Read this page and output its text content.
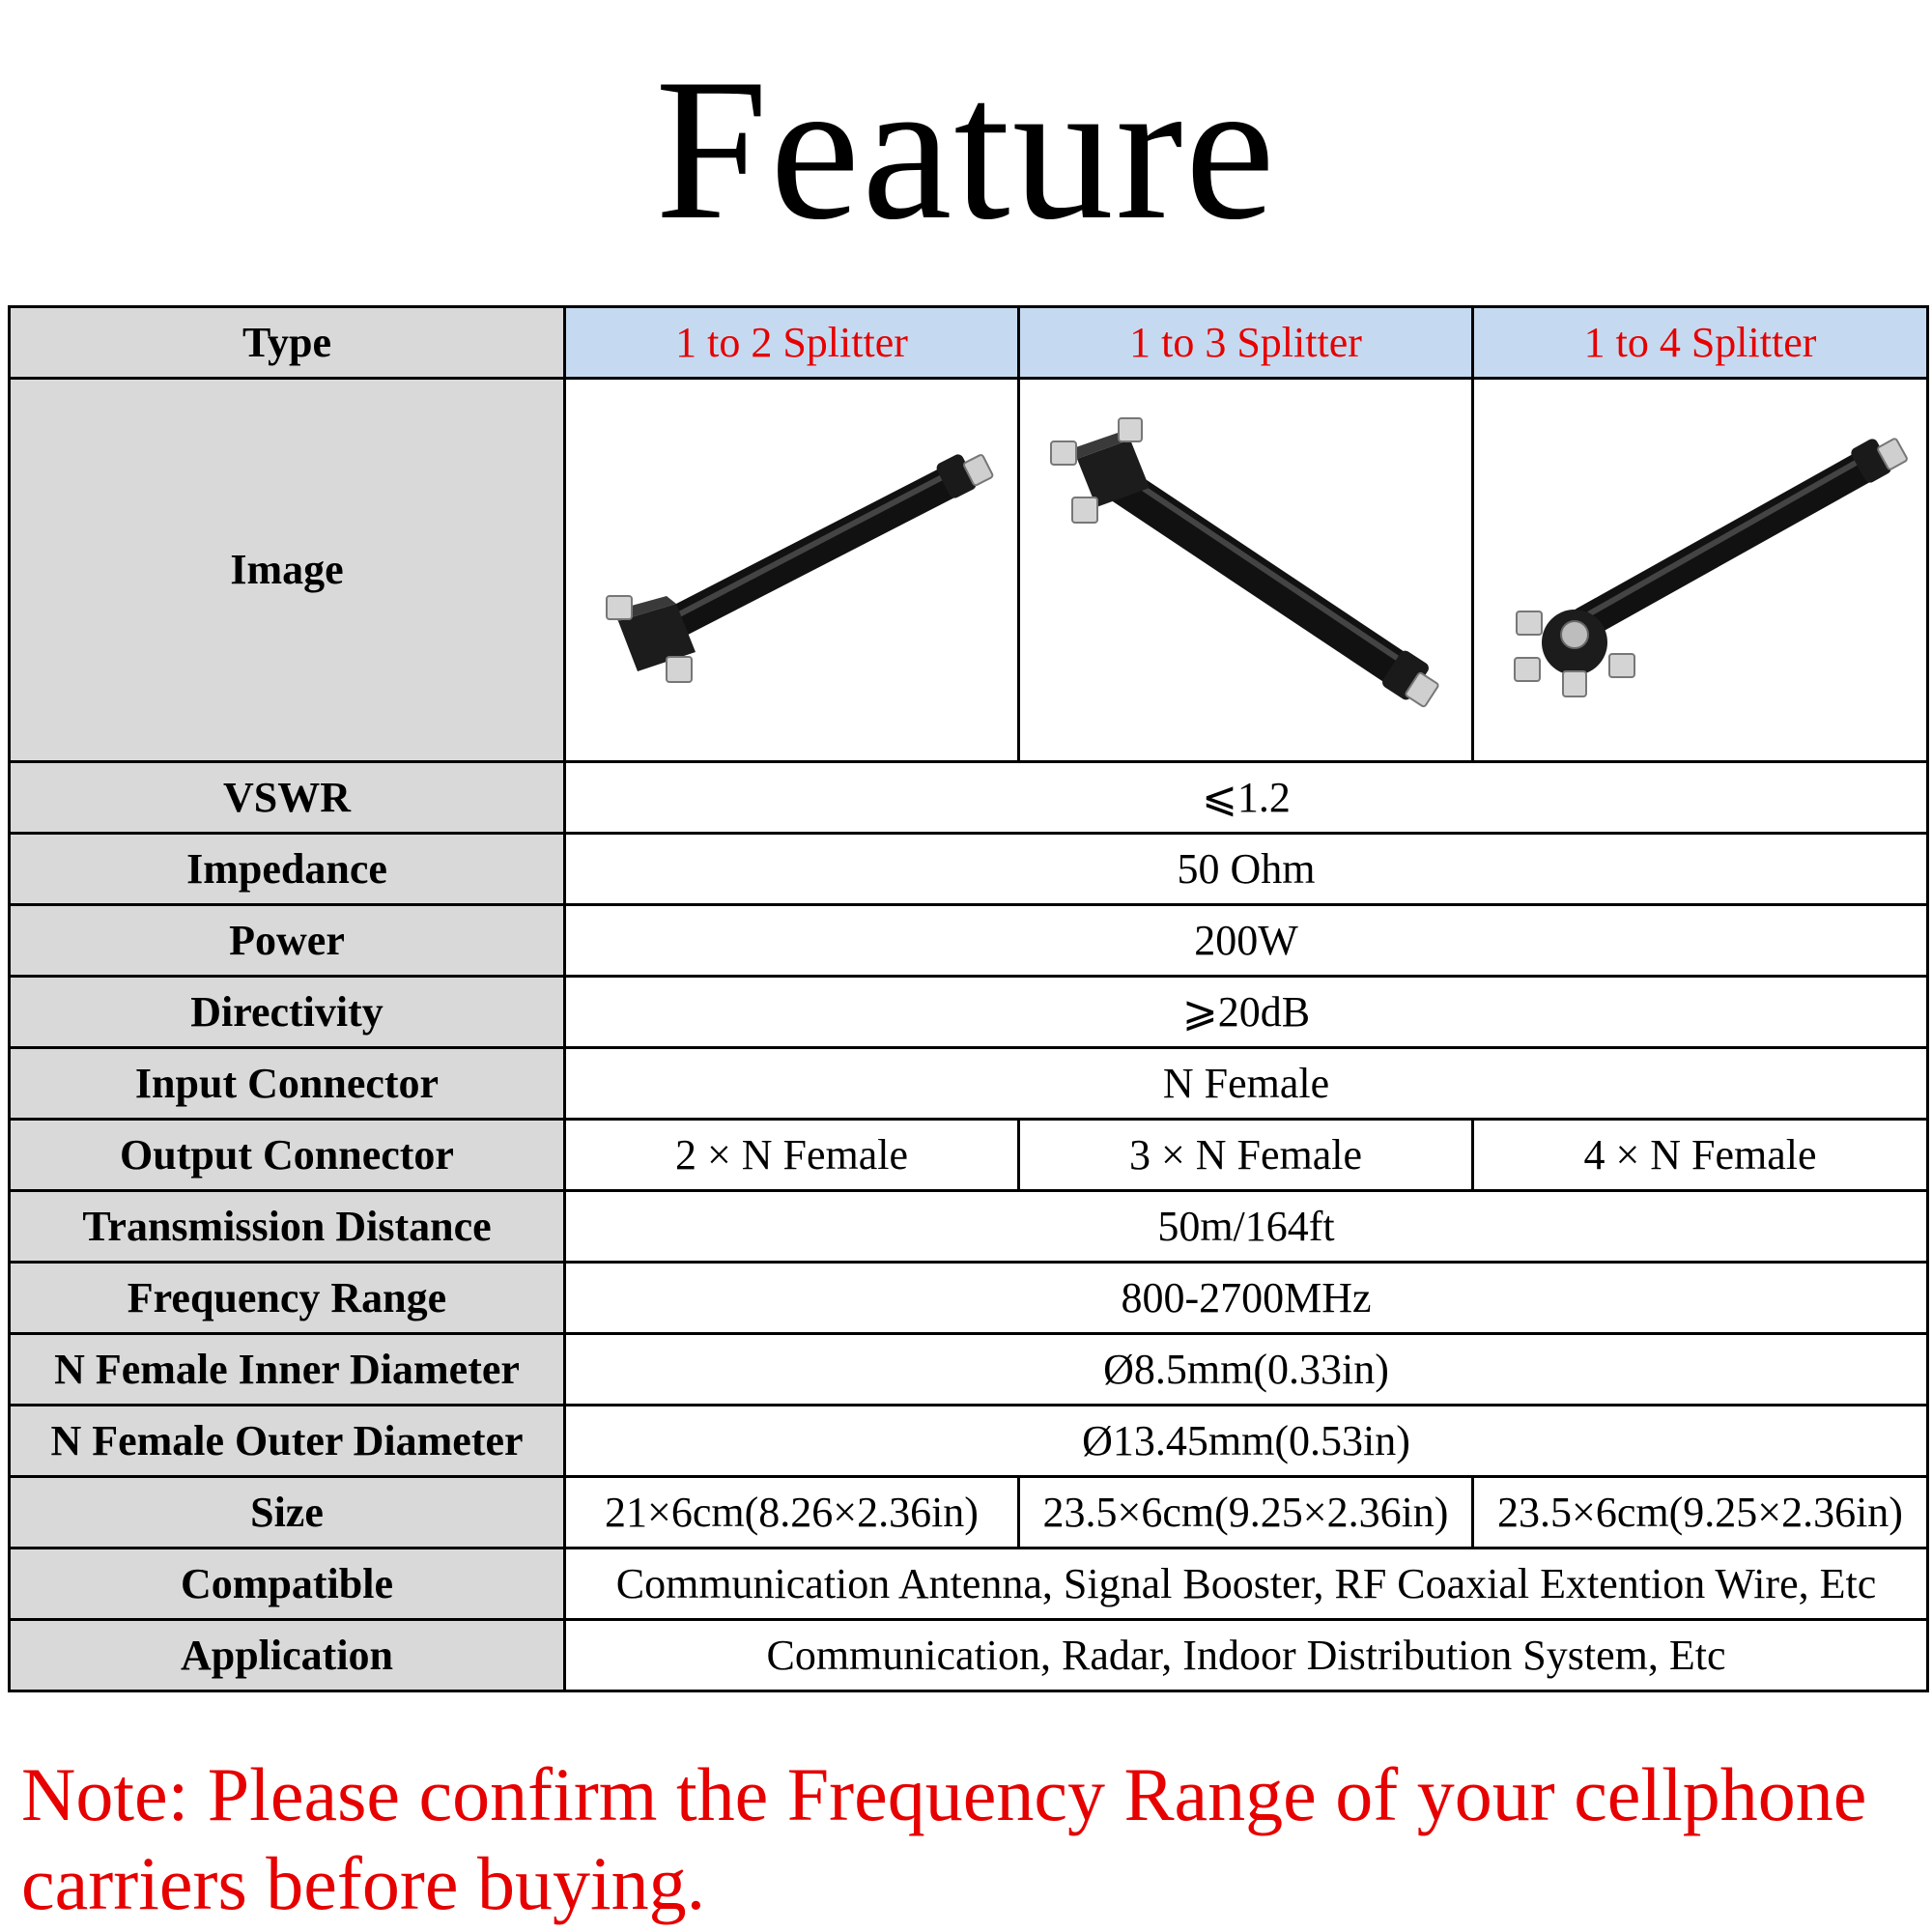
Feature
Type	1 to 2 Splitter	1 to 3 Splitter	1 to 4 Splitter
Image	

VSWR	⩽1.2		
Impedance	50 Ohm		
Power	200W		
Directivity	⩾20dB		
Input Connector	N Female		
Output Connector	2 × N Female	3 × N Female	4 × N Female
Transmission Distance	50m/164ft		
Frequency Range	800-2700MHz		
N Female Inner Diameter	Ø8.5mm(0.33in)		
N Female Outer Diameter	Ø13.45mm(0.53in)		
Size	21×6cm(8.26×2.36in)	23.5×6cm(9.25×2.36in)	23.5×6cm(9.25×2.36in)
Compatible	Communication Antenna, Signal Booster, RF Coaxial Extention Wire, Etc		
Application	Communication, Radar, Indoor Distribution System, Etc		
Note: Please confirm the Frequency Range of your cellphone carriers before buying.
